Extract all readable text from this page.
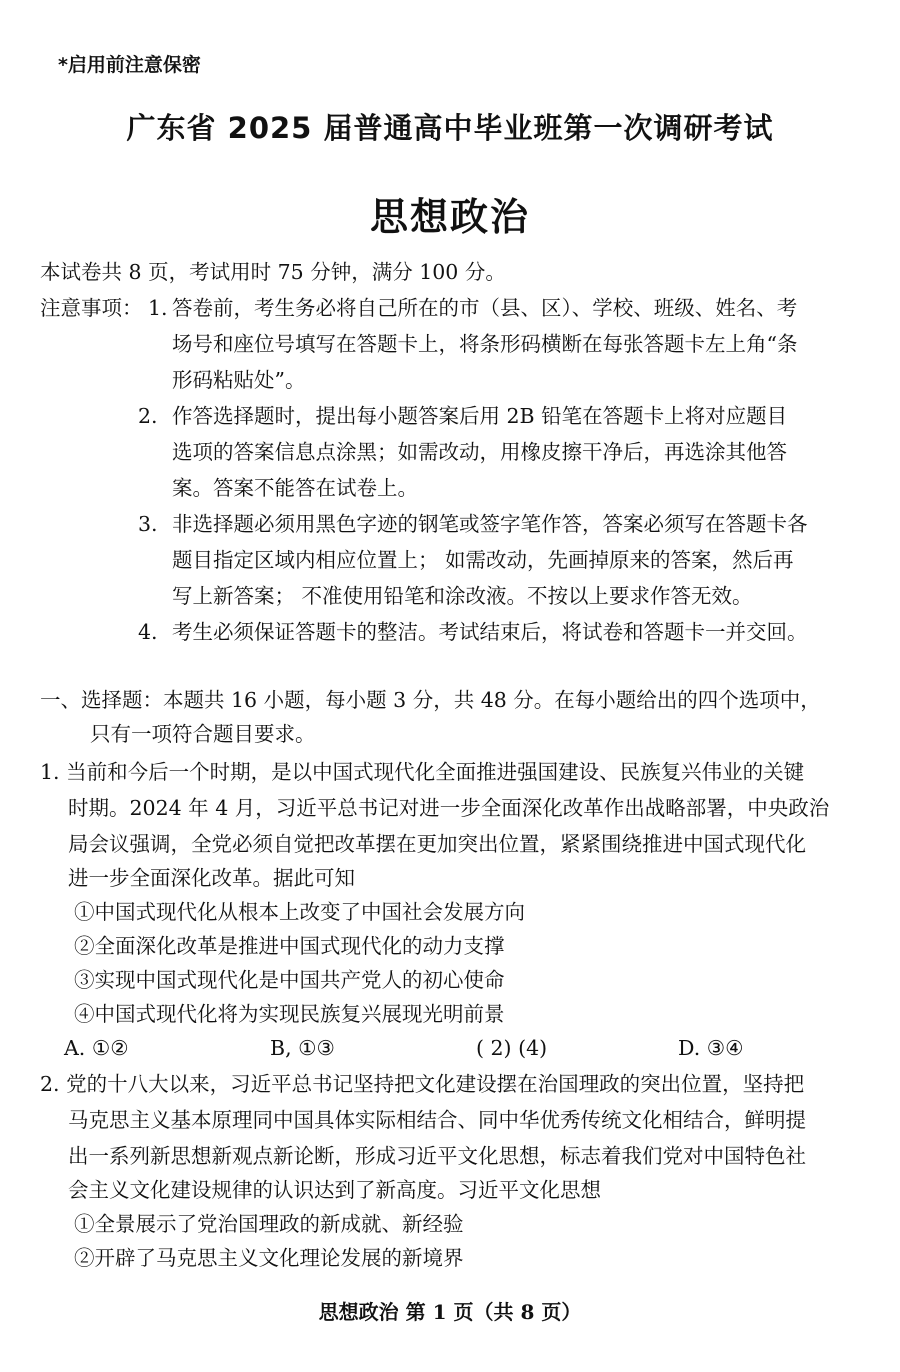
*启用前注意保密
广东省 2025 届普通高中毕业班第一次调研考试
思想政治
本试卷共 8 页，考试用时 75 分钟，满分 100 分。
注意事项： 1. 答卷前，考生务必将自己所在的市（县、区）、学校、班级、姓名、考
场号和座位号填写在答题卡上，将条形码横断在每张答题卡左上角“条
形码粘贴处”。
2. 作答选择题时，提出每小题答案后用 2B 铅笔在答题卡上将对应题目
选项的答案信息点涂黑；如需改动，用橡皮擦干净后，再选涂其他答
案。答案不能答在试卷上。
3. 非选择题必须用黑色字迹的钢笔或签字笔作答，答案必须写在答题卡各
题目指定区域内相应位置上； 如需改动，先画掉原来的答案，然后再
写上新答案； 不准使用铅笔和涂改液。不按以上要求作答无效。
4. 考生必须保证答题卡的整洁。考试结束后，将试卷和答题卡一并交回。
一、选择题：本题共 16 小题，每小题 3 分，共 48 分。在每小题给出的四个选项中，
只有一项符合题目要求。
1. 当前和今后一个时期，是以中国式现代化全面推进强国建设、民族复兴伟业的关键
时期。2024 年 4 月，习近平总书记对进一步全面深化改革作出战略部署，中央政治
局会议强调，全党必须自觉把改革摆在更加突出位置，紧紧围绕推进中国式现代化
进一步全面深化改革。据此可知
①中国式现代化从根本上改变了中国社会发展方向
②全面深化改革是推进中国式现代化的动力支撑
③实现中国式现代化是中国共产党人的初心使命
④中国式现代化将为实现民族复兴展现光明前景
A. ①②	B, ①③	( 2) (4)	D. ③④
2. 党的十八大以来，习近平总书记坚持把文化建设摆在治国理政的突出位置，坚持把
马克思主义基本原理同中国具体实际相结合、同中华优秀传统文化相结合，鲜明提
出一系列新思想新观点新论断，形成习近平文化思想，标志着我们党对中国特色社
会主义文化建设规律的认识达到了新高度。习近平文化思想
①全景展示了党治国理政的新成就、新经验
②开辟了马克思主义文化理论发展的新境界
思想政治 第 1 页（共 8 页）
